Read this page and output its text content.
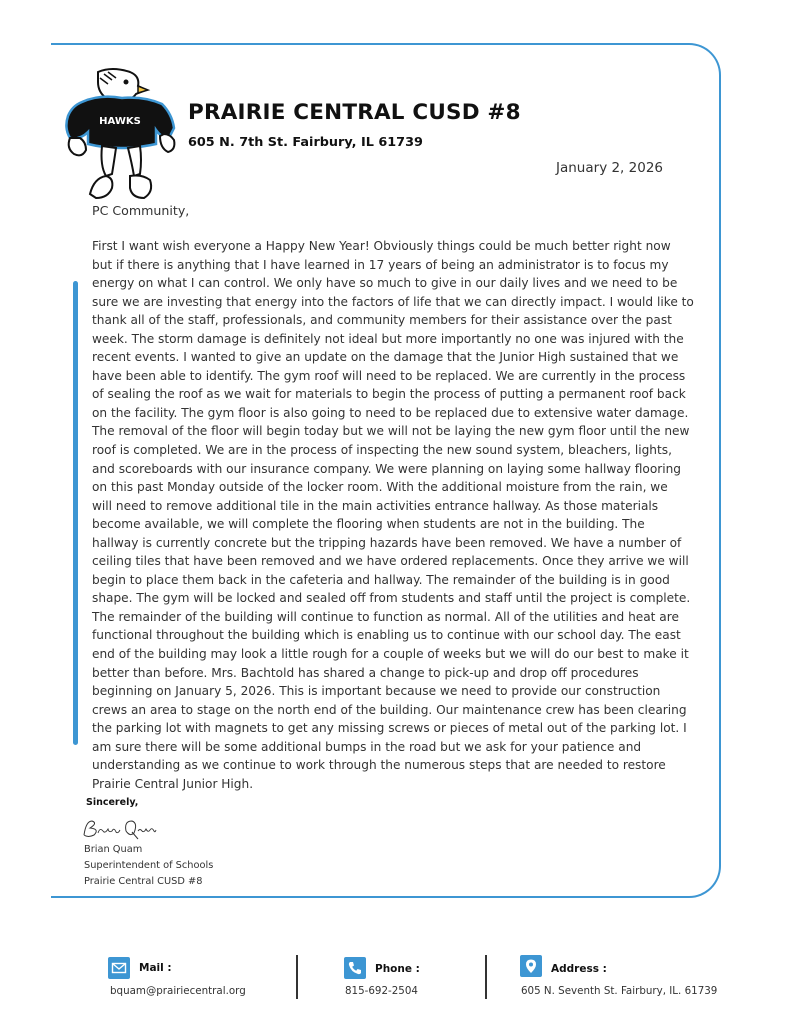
HAWKS PRAIRIE CENTRAL CUSD #8
605 N. 7th St. Fairbury, IL 61739
January 2, 2026
PC Community,
First I want wish everyone a Happy New Year! Obviously things could be much better right now
but if there is anything that I have learned in 17 years of being an administrator is to focus my
energy on what I can control. We only have so much to give in our daily lives and we need to be
sure we are investing that energy into the factors of life that we can directly impact. I would like to
thank all of the staff, professionals, and community members for their assistance over the past
week. The storm damage is definitely not ideal but more importantly no one was injured with the
recent events. I wanted to give an update on the damage that the Junior High sustained that we
have been able to identify. The gym roof will need to be replaced. We are currently in the process
of sealing the roof as we wait for materials to begin the process of putting a permanent roof back
on the facility. The gym floor is also going to need to be replaced due to extensive water damage.
The removal of the floor will begin today but we will not be laying the new gym floor until the new
roof is completed. We are in the process of inspecting the new sound system, bleachers, lights,
and scoreboards with our insurance company. We were planning on laying some hallway flooring
on this past Monday outside of the locker room. With the additional moisture from the rain, we
will need to remove additional tile in the main activities entrance hallway. As those materials
become available, we will complete the flooring when students are not in the building. The
hallway is currently concrete but the tripping hazards have been removed. We have a number of
ceiling tiles that have been removed and we have ordered replacements. Once they arrive we will
begin to place them back in the cafeteria and hallway. The remainder of the building is in good
shape. The gym will be locked and sealed off from students and staff until the project is complete.
The remainder of the building will continue to function as normal. All of the utilities and heat are
functional throughout the building which is enabling us to continue with our school day. The east
end of the building may look a little rough for a couple of weeks but we will do our best to make it
better than before. Mrs. Bachtold has shared a change to pick-up and drop off procedures
beginning on January 5, 2026. This is important because we need to provide our construction
crews an area to stage on the north end of the building. Our maintenance crew has been clearing
the parking lot with magnets to get any missing screws or pieces of metal out of the parking lot. I
am sure there will be some additional bumps in the road but we ask for your patience and
understanding as we continue to work through the numerous steps that are needed to restore
Prairie Central Junior High.
Sincerely,
Brian Quam
Superintendent of Schools
Prairie Central CUSD #8
Mail :
bquam@prairiecentral.org
Phone :
815-692-2504
Address :
605 N. Seventh St. Fairbury, IL. 61739
